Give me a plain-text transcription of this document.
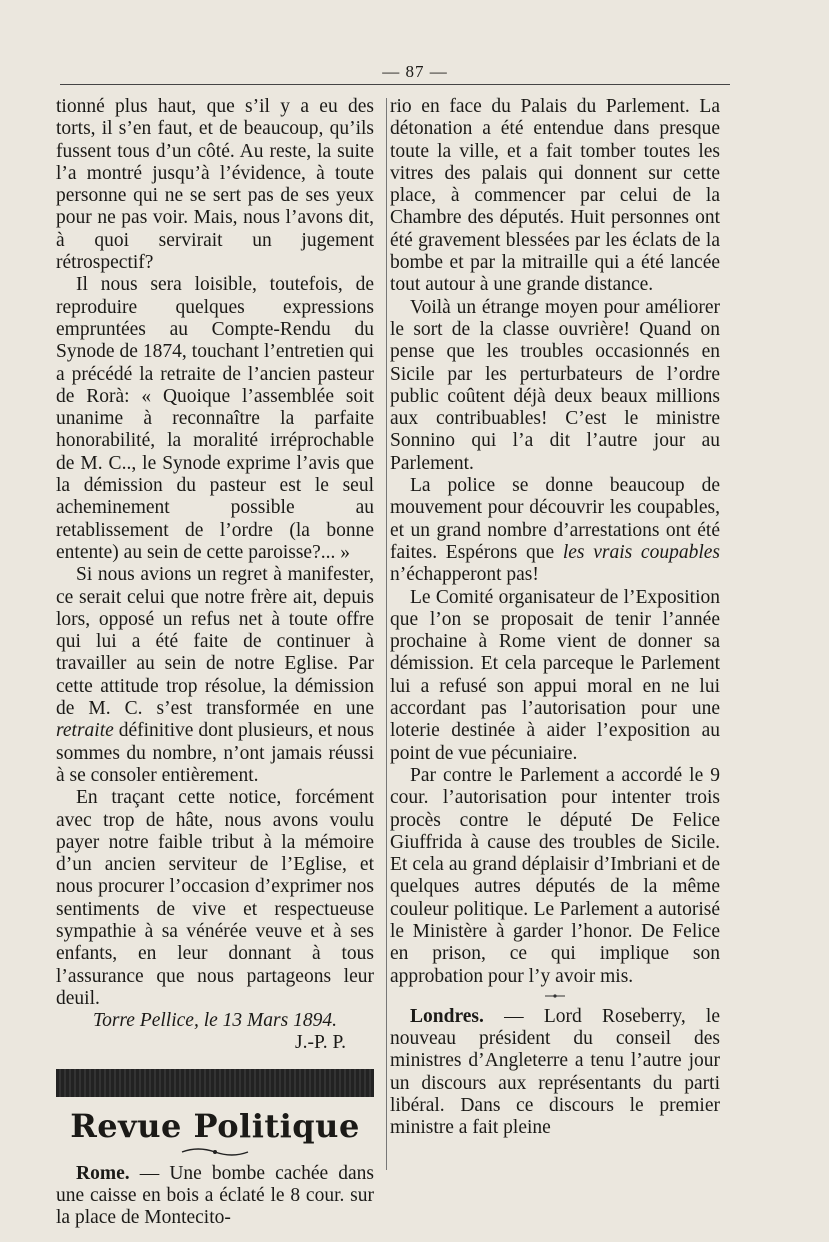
— 87 —

tionné plus haut, que s’il y a eu des torts, il s’en faut, et de beaucoup, qu’ils fussent tous d’un côté. Au reste, la suite l’a montré jusqu’à l’évidence, à toute personne qui ne se sert pas de ses yeux pour ne pas voir. Mais, nous l’avons dit, à quoi servirait un jugement rétrospectif?

Il nous sera loisible, toutefois, de reproduire quelques expressions empruntées au Compte-Rendu du Synode de 1874, touchant l’entretien qui a précédé la retraite de l’ancien pasteur de Rorà: « Quoique l’assemblée soit unanime à reconnaître la parfaite honorabilité, la moralité irréprochable de M. C.., le Synode exprime l’avis que la démission du pasteur est le seul acheminement possible au retablissement de l’ordre (la bonne entente) au sein de cette paroisse?... »

Si nous avions un regret à manifester, ce serait celui que notre frère ait, depuis lors, opposé un refus net à toute offre qui lui a été faite de continuer à travailler au sein de notre Eglise. Par cette attitude trop résolue, la démission de M. C. s’est transformée en une retraite définitive dont plusieurs, et nous sommes du nombre, n’ont jamais réussi à se consoler entièrement.

En traçant cette notice, forcément avec trop de hâte, nous avons voulu payer notre faible tribut à la mémoire d’un ancien serviteur de l’Eglise, et nous procurer l’occasion d’exprimer nos sentiments de vive et respectueuse sympathie à sa vénérée veuve et à ses enfants, en leur donnant à tous l’assurance que nous partageons leur deuil.

Torre Pellice, le 13 Mars 1894.

J.-P. P.

Revue Politique

Rome. — Une bombe cachée dans une caisse en bois a éclaté le 8 cour. sur la place de Montecito-

rio en face du Palais du Parlement. La détonation a été entendue dans presque toute la ville, et a fait tomber toutes les vitres des palais qui donnent sur cette place, à commencer par celui de la Chambre des députés. Huit personnes ont été gravement blessées par les éclats de la bombe et par la mitraille qui a été lancée tout autour à une grande distance.

Voilà un étrange moyen pour améliorer le sort de la classe ouvrière! Quand on pense que les troubles occasionnés en Sicile par les perturbateurs de l’ordre public coûtent déjà deux beaux millions aux contribuables! C’est le ministre Sonnino qui l’a dit l’autre jour au Parlement.

La police se donne beaucoup de mouvement pour découvrir les coupables, et un grand nombre d’arrestations ont été faites. Espérons que les vrais coupables n’échapperont pas!

Le Comité organisateur de l’Exposition que l’on se proposait de tenir l’année prochaine à Rome vient de donner sa démission. Et cela parceque le Parlement lui a refusé son appui moral en ne lui accordant pas l’autorisation pour une loterie destinée à aider l’exposition au point de vue pécuniaire.

Par contre le Parlement a accordé le 9 cour. l’autorisation pour intenter trois procès contre le député De Felice Giuffrida à cause des troubles de Sicile. Et cela au grand déplaisir d’Imbriani et de quelques autres députés de la même couleur politique. Le Parlement a autorisé le Ministère à garder l’honor. De Felice en prison, ce qui implique son approbation pour l’y avoir mis.

Londres. — Lord Roseberry, le nouveau président du conseil des ministres d’Angleterre a tenu l’autre jour un discours aux représentants du parti libéral. Dans ce discours le premier ministre a fait pleine
